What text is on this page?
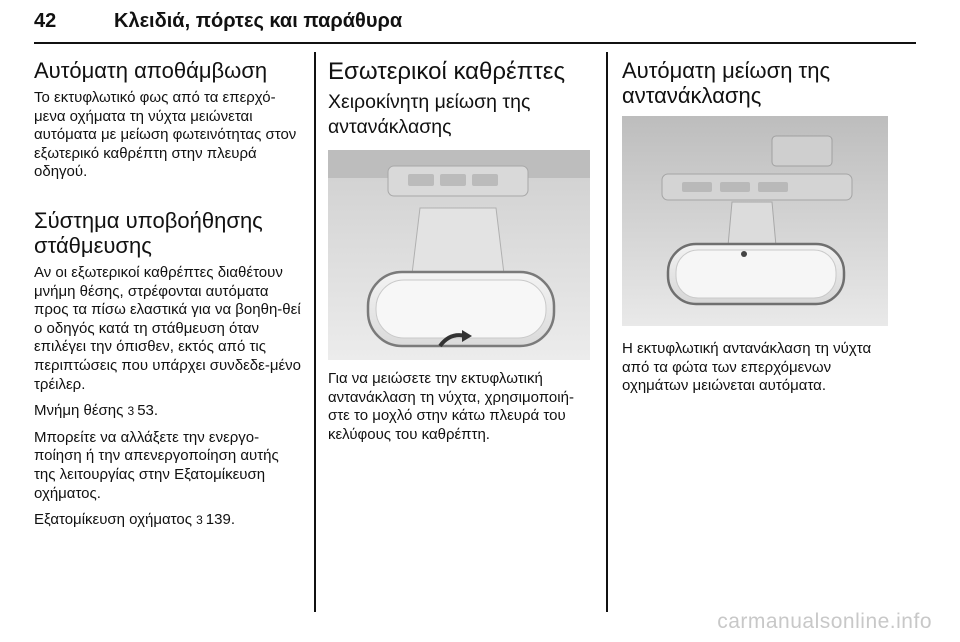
42	Κλειδιά, πόρτες και παράθυρα
Αυτόματη αποθάμβωση

Το εκτυφλωτικό φως από τα επερχό-μενα οχήματα τη νύχτα μειώνεται αυτόματα με μείωση φωτεινότητας στον εξωτερικό καθρέπτη στην πλευρά οδηγού.

Σύστημα υποβοήθησης στάθμευσης

Αν οι εξωτερικοί καθρέπτες διαθέτουν μνήμη θέσης, στρέφονται αυτόματα προς τα πίσω ελαστικά για να βοηθη-θεί ο οδηγός κατά τη στάθμευση όταν επιλέγει την όπισθεν, εκτός από τις περιπτώσεις που υπάρχει συνδεδε-μένο τρέιλερ.

Μνήμη θέσης 3 53.

Μπορείτε να αλλάξετε την ενεργο-ποίηση ή την απενεργοποίηση αυτής της λειτουργίας στην Εξατομίκευση οχήματος.

Εξατομίκευση οχήματος 3 139.

Εσωτερικοί καθρέπτες
Χειροκίνητη μείωση της αντανάκλασης

Για να μειώσετε την εκτυφλωτική αντανάκλαση τη νύχτα, χρησιμοποιή-στε το μοχλό στην κάτω πλευρά του κελύφους του καθρέπτη.

Αυτόματη μείωση της αντανάκλασης

Η εκτυφλωτική αντανάκλαση τη νύχτα από τα φώτα των επερχόμενων οχημάτων μειώνεται αυτόματα.

carmanualsonline.info
